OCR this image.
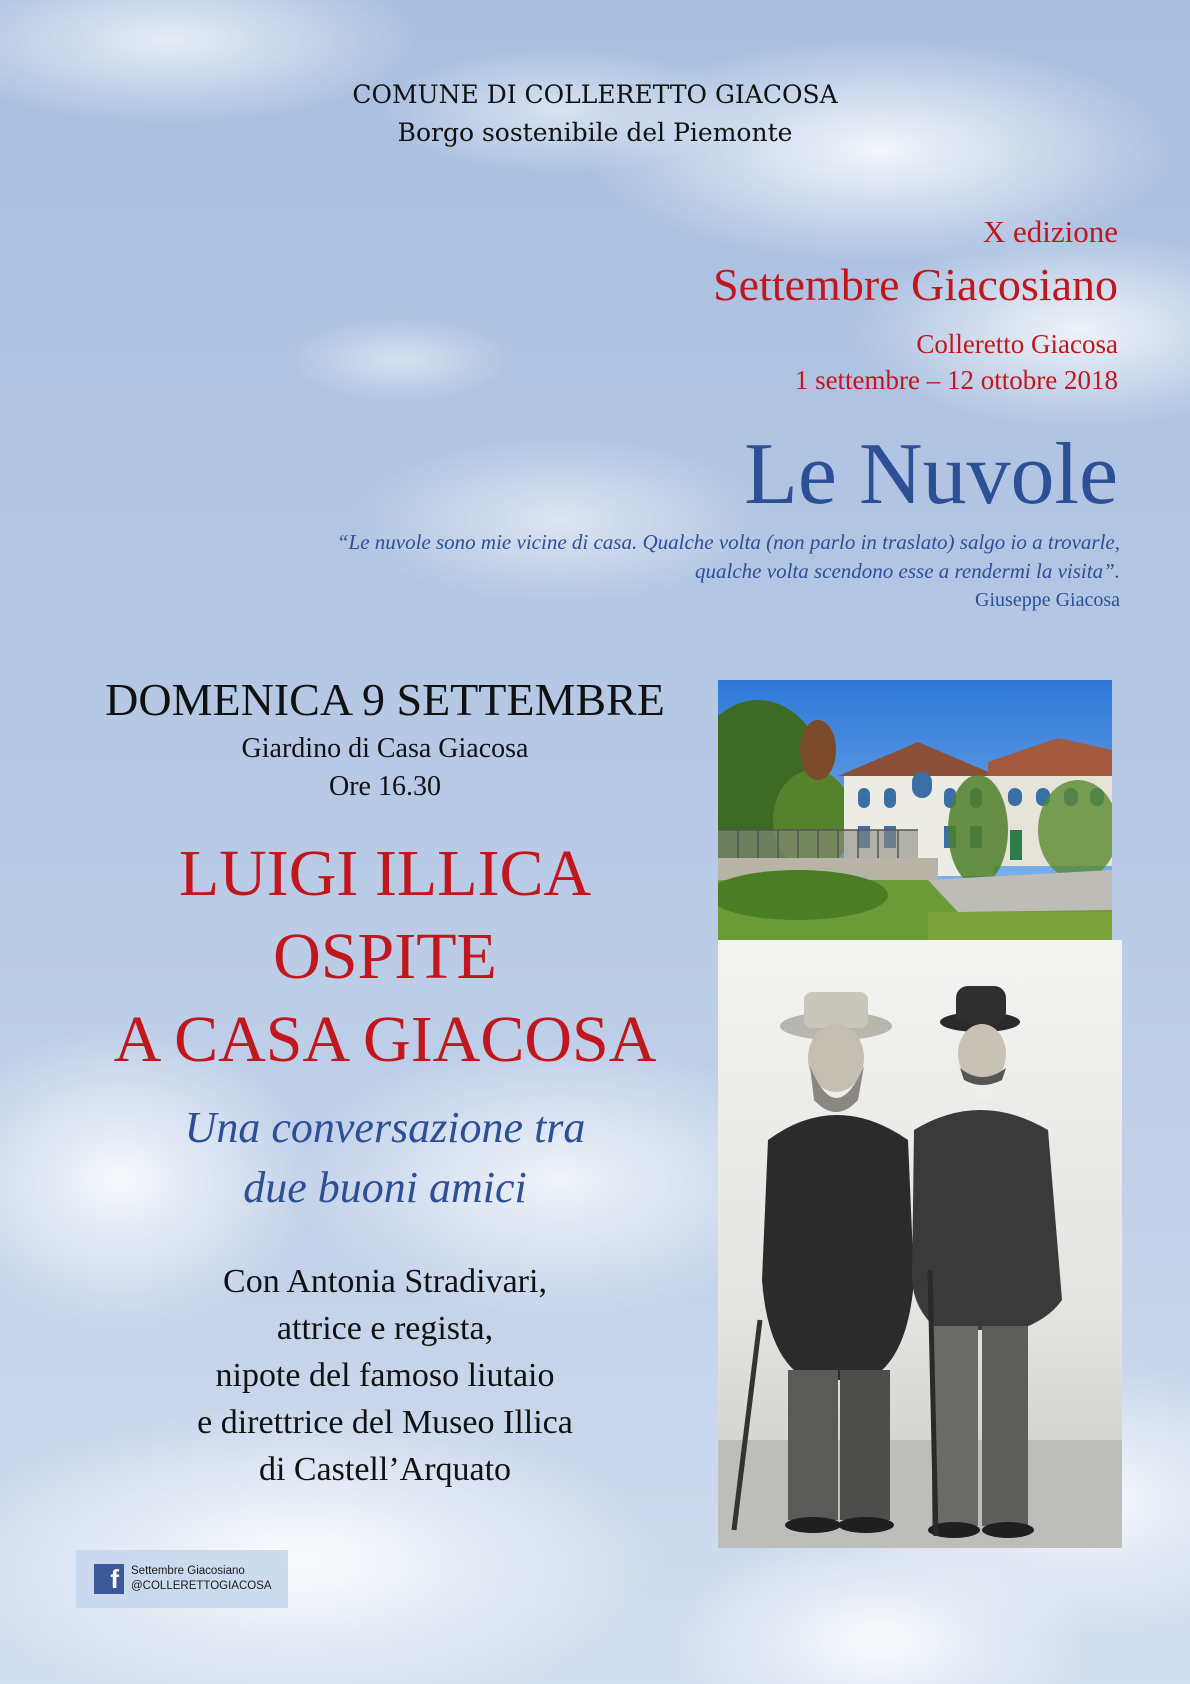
COMUNE DI COLLERETTO GIACOSA
Borgo sostenibile del Piemonte
X edizione
Settembre Giacosiano
Colleretto Giacosa
1 settembre – 12 ottobre 2018
Le Nuvole
“Le nuvole sono mie vicine di casa. Qualche volta (non parlo in traslato) salgo io a trovarle,
qualche volta scendono esse a rendermi la visita”.
Giuseppe Giacosa
DOMENICA 9 SETTEMBRE
Giardino di Casa Giacosa
Ore 16.30
LUIGI ILLICA
OSPITE
A CASA GIACOSA
Una conversazione tra
due buoni amici
Con Antonia Stradivari,
attrice e regista,
nipote del famoso liutaio
e direttrice del Museo Illica
di Castell’Arquato
f	Settembre Giacosiano
@COLLERETTOGIACOSA
